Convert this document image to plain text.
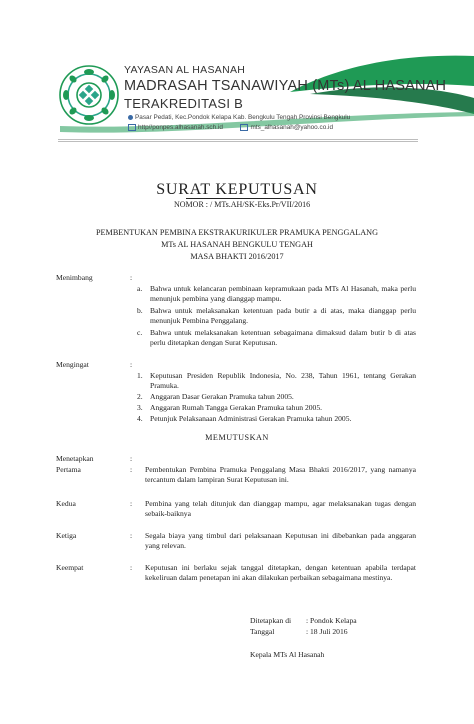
YAYASAN AL HASANAH
MADRASAH TSANAWIYAH (MTs) AL HASANAH
TERAKREDITASI B
Pasar Pedati, Kec.Pondok Kelapa Kab. Bengkulu Tengah Provinsi Bengkulu
http//ponpes.alhasanah.sch.id	mts_alhasanah@yahoo.co.id
SURAT KEPUTUSAN
NOMOR : / MTs.AH/SK-Eks.Pr/VII/2016
PEMBENTUKAN PEMBINA EKSTRAKURIKULER PRAMUKA PENGGALANG
MTs AL HASANAH BENGKULU TENGAH
MASA BHAKTI 2016/2017
Menimbang	:
a. Bahwa untuk kelancaran pembinaan kepramukaan pada MTs Al Hasanah, maka perlu menunjuk pembina yang dianggap mampu.
b. Bahwa untuk melaksanakan ketentuan pada butir a di atas, maka dianggap perlu menunjuk Pembina Penggalang.
c. Bahwa untuk melaksanakan ketentuan sebagaimana dimaksud dalam butir b di atas perlu ditetapkan dengan Surat Keputusan.
Mengingat	:
1. Keputusan Presiden Republik Indonesia, No. 238, Tahun 1961, tentang Gerakan Pramuka.
2. Anggaran Dasar Gerakan Pramuka tahun 2005.
3. Anggaran Rumah Tangga Gerakan Pramuka tahun 2005.
4. Petunjuk Pelaksanaan Administrasi Gerakan Pramuka tahun 2005.
MEMUTUSKAN
Menetapkan	:
Pertama	: Pembentukan Pembina Pramuka Penggalang Masa Bhakti 2016/2017, yang namanya tercantum dalam lampiran Surat Keputusan ini.
Kedua	: Pembina yang telah ditunjuk dan dianggap mampu, agar melaksanakan tugas dengan sebaik-baiknya
Ketiga	: Segala biaya yang timbul dari pelaksanaan Keputusan ini dibebankan pada anggaran yang relevan.
Keempat	: Keputusan ini berlaku sejak tanggal ditetapkan, dengan ketentuan apabila terdapat kekeliruan dalam penetapan ini akan dilakukan perbaikan sebagaimana mestinya.
Ditetapkan di : Pondok Kelapa
Tanggal	: 18 Juli 2016
Kepala MTs Al Hasanah
